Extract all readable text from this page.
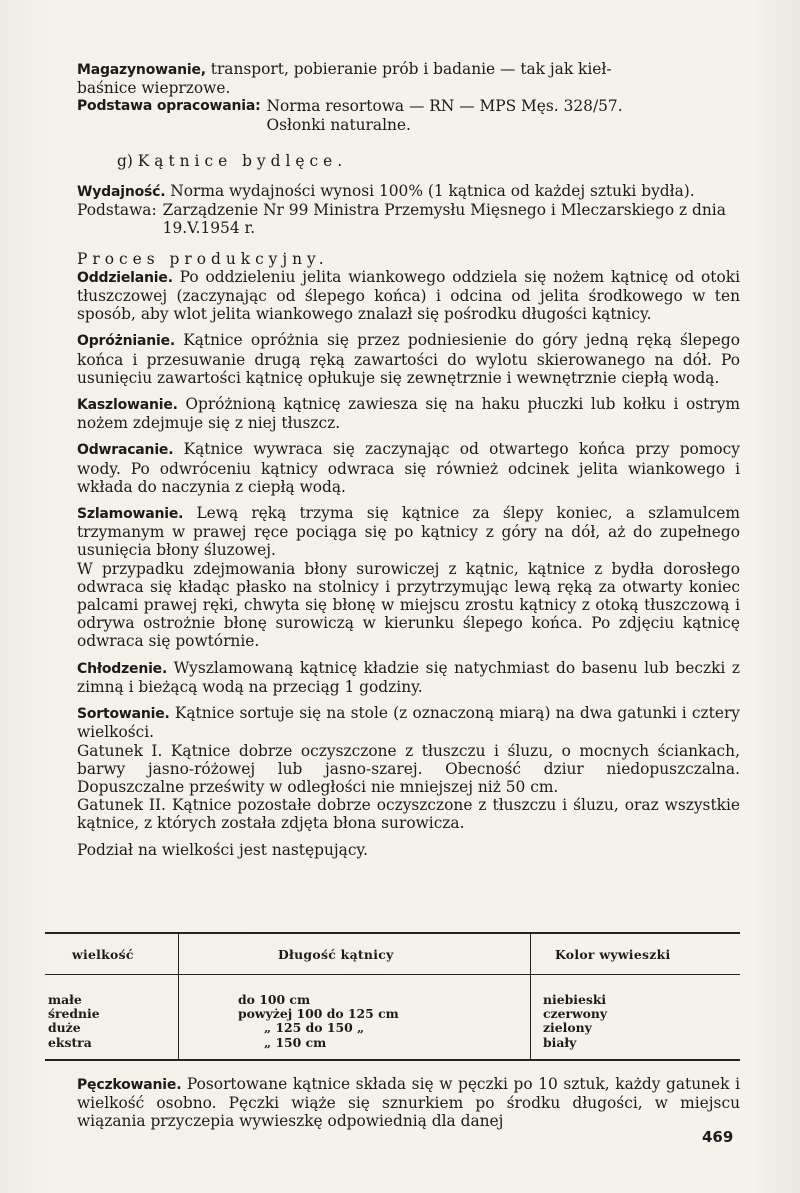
Magazynowanie, transport, pobieranie prób i badanie — tak jak kieł-
baśnice wieprzowe.

Podstawa opracowania: Norma resortowa — RN — MPS Męs. 328/57.
Osłonki naturalne.

g) Kątnice bydlęce.

Wydajność. Norma wydajności wynosi 100% (1 kątnica od każdej sztuki bydła).

Podstawa: Zarządzenie Nr 99 Ministra Przemysłu Mięsnego i Mleczarskiego z dnia 19.V.1954 r.

Proces produkcyjny.

Oddzielanie. Po oddzieleniu jelita wiankowego oddziela się nożem kątnicę od otoki tłuszczowej (zaczynając od ślepego końca) i odcina od jelita środkowego w ten sposób, aby wlot jelita wiankowego znalazł się pośrodku długości kątnicy.

Opróżnianie. Kątnice opróżnia się przez podniesienie do góry jedną ręką ślepego końca i przesuwanie drugą ręką zawartości do wylotu skierowanego na dół. Po usunięciu zawartości kątnicę opłukuje się zewnętrznie i wewnętrznie ciepłą wodą.

Kaszlowanie. Opróżnioną kątnicę zawiesza się na haku płuczki lub kołku i ostrym nożem zdejmuje się z niej tłuszcz.

Odwracanie. Kątnice wywraca się zaczynając od otwartego końca przy pomocy wody. Po odwróceniu kątnicy odwraca się również odcinek jelita wiankowego i wkłada do naczynia z ciepłą wodą.

Szlamowanie. Lewą ręką trzyma się kątnice za ślepy koniec, a szlamulcem trzymanym w prawej ręce pociąga się po kątnicy z góry na dół, aż do zupełnego usunięcia błony śluzowej.

W przypadku zdejmowania błony surowiczej z kątnic, kątnice z bydła dorosłego odwraca się kładąc płasko na stolnicy i przytrzymując lewą ręką za otwarty koniec palcami prawej ręki, chwyta się błonę w miejscu zrostu kątnicy z otoką tłuszczową i odrywa ostrożnie błonę surowiczą w kierunku ślepego końca. Po zdjęciu kątnicę odwraca się powtórnie.

Chłodzenie. Wyszlamowaną kątnicę kładzie się natychmiast do basenu lub beczki z zimną i bieżącą wodą na przeciąg 1 godziny.

Sortowanie. Kątnice sortuje się na stole (z oznaczoną miarą) na dwa gatunki i cztery wielkości.

Gatunek I. Kątnice dobrze oczyszczone z tłuszczu i śluzu, o mocnych ściankach, barwy jasno-różowej lub jasno-szarej. Obecność dziur niedopuszczalna. Dopuszczalne prześwity w odległości nie mniejszej niż 50 cm.

Gatunek II. Kątnice pozostałe dobrze oczyszczone z tłuszczu i śluzu, oraz wszystkie kątnice, z których została zdjęta błona surowicza.

Podział na wielkości jest następujący.

wielkość	Długość kątnicy	Kolor wywieszki
małe
średnie
duże
ekstra
do 100 cm
powyżej 100 do 125 cm
„ 125 do 150 „
„ 150 cm
niebieski
czerwony
zielony
biały

Pęczkowanie. Posortowane kątnice składa się w pęczki po 10 sztuk, każdy gatunek i wielkość osobno. Pęczki wiąże się sznurkiem po środku długości, w miejscu wiązania przyczepia wywieszkę odpowiednią dla danej

469
